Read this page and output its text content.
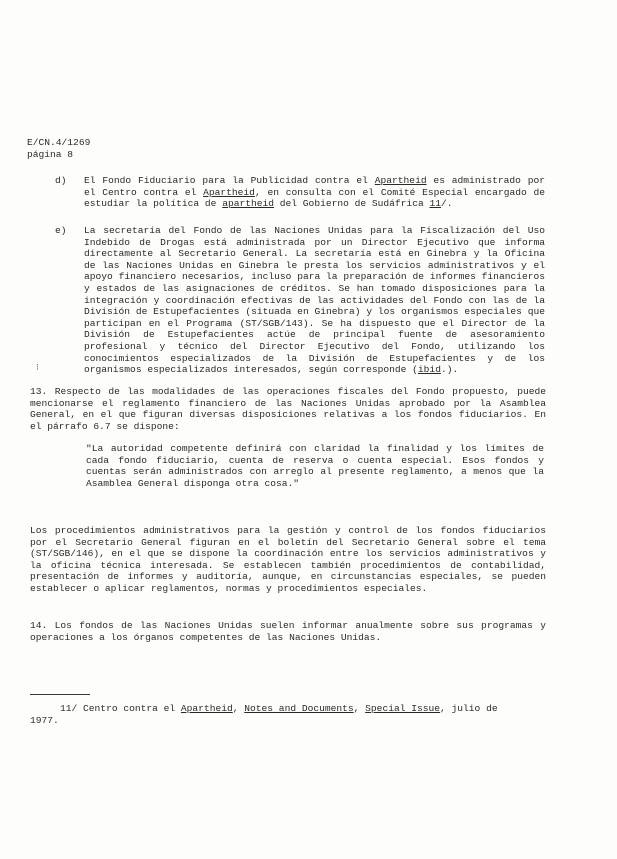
E/CN.4/1269
página 8
d) El Fondo Fiduciario para la Publicidad contra el Apartheid es administrado por el Centro contra el Apartheid, en consulta con el Comité Especial encargado de estudiar la política de apartheid del Gobierno de Sudáfrica 11/.
e) La secretaría del Fondo de las Naciones Unidas para la Fiscalización del Uso Indebido de Drogas está administrada por un Director Ejecutivo que informa directamente al Secretario General. La secretaría está en Ginebra y la Oficina de las Naciones Unidas en Ginebra le presta los servicios administrativos y el apoyo financiero necesarios, incluso para la preparación de informes financieros y estados de las asignaciones de créditos. Se han tomado disposiciones para la integración y coordinación efectivas de las actividades del Fondo con las de la División de Estupefacientes (situada en Ginebra) y los organismos especiales que participan en el Programa (ST/SGB/143). Se ha dispuesto que el Director de la División de Estupefacientes actúe de principal fuente de asesoramiento profesional y técnico del Director Ejecutivo del Fondo, utilizando los conocimientos especializados de la División de Estupefacientes y de los organismos especializados interesados, según corresponde (ibid.).
⁝
13. Respecto de las modalidades de las operaciones fiscales del Fondo propuesto, puede mencionarse el reglamento financiero de las Naciones Unidas aprobado por la Asamblea General, en el que figuran diversas disposiciones relativas a los fondos fiduciarios. En el párrafo 6.7 se dispone:
"La autoridad competente definirá con claridad la finalidad y los límites de cada fondo fiduciario, cuenta de reserva o cuenta especial. Esos fondos y cuentas serán administrados con arreglo al presente reglamento, a menos que la Asamblea General disponga otra cosa."
Los procedimientos administrativos para la gestión y control de los fondos fiduciarios por el Secretario General figuran en el boletín del Secretario General sobre el tema (ST/SGB/146), en el que se dispone la coordinación entre los servicios administrativos y la oficina técnica interesada. Se establecen también procedimientos de contabilidad, presentación de informes y auditoría, aunque, en circunstancias especiales, se pueden establecer o aplicar reglamentos, normas y procedimientos especiales.
14. Los fondos de las Naciones Unidas suelen informar anualmente sobre sus programas y operaciones a los órganos competentes de las Naciones Unidas.
11/ Centro contra el Apartheid, Notes and Documents, Special Issue, julio de 1977.
